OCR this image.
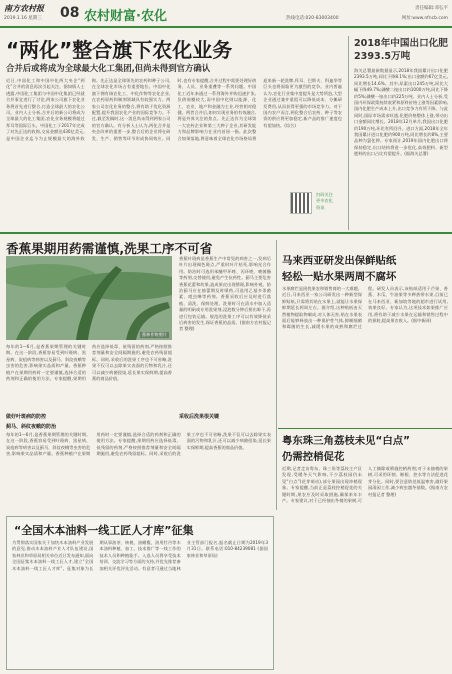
南方农村报
2019.1.16 星期三 08 农村财富·农化
责任编辑:邓弘平
热线电话:020-83003400	网址:www.nfncb.com
“两化”整合旗下农化业务
合并后或将成为全球最大化工集团,但尚未得到官方确认
近日,中国化工和中国中化两大央企“两化”合并的消息再次引起关注。据知情人士透露,中国化工集团与中国中化集团已经就合并事宜进行了讨论,两家公司旗下农化业务将首先进行整合,打造全球最大的农化公司。业内人士分析,合并后的新公司将成为全球最大的化工集团,农化业务规模将超过拜耳等国际巨头。中国化工于2017年完成了对先正达的收购,交易金额达430亿美元,是中国企业迄今为止规模最大的海外收购。先正达是全球领先的农药和种子公司,在全球农化市场占有重要地位。中国中化旗下拥有扬农化工、中化作物等农化企业,在农药原药和制剂领域具有较强实力。两家公司农化业务的整合,将有助于优化资源配置,提升我国农化产业的国际竞争力。不过,截至发稿时,这一消息尚未得到两家公司的官方确认。有分析人士认为,两化合并是央企改革的重要一步,整合后的企业将在研发、生产、销售等环节形成协同效应。同时,也有专家提醒,合并过程中需要处理好债务、人员、业务重叠等一系列问题。中国化工近年来通过一系列海外并购迅速扩张,负债规模较大,而中国中化则以能源、化工、农业、地产和金融为主业,经营相对稳健。两者合并后,如何实现业务的有效融合,将是外界关注的焦点。先正达作为全球第一大农药企业和第三大种子企业,其研发能力和品牌影响力在业内首屈一指。此次整合如果落地,将意味着全球农化市场格局将迎来新一轮洗牌,拜耳、巴斯夫、科迪华等巨头也将面临更为激烈的竞争。业内普遍认为,农化行业集中度提升是大势所趋,大型企业通过兼并重组可以降低成本、分摊研发费用,从而获得更强的市场竞争力。对于国内农户而言,两化整合后农药、种子等农资的供应将更加稳定,新产品的推广速度也有望加快。(综合)
扫码关注
更多农化
资讯
2018年中国出口化肥2393.5万吨
海关总署最新数据显示,2018年我国累计出口化肥2393.5万吨,同比下降8.1%;出口金额约67亿美元,同比增长14.6%。其中,尿素出口245万吨,同比大幅下降49.7%;磷酸二铵出口约1000万吨,同比下降约5%;磷酸一铵出口约225万吨。业内人士分析,受国内环保政策持续收紧和原料价格上涨等因素影响,国内化肥生产成本上升,出口竞争力有所下降。与此同时,国际市场需求旺盛,化肥价格整体上涨,带动出口金额同比增长。2018年12月单月,我国出口化肥约190万吨,环比有所回升。进口方面,2018年全年我国累计进口化肥约900万吨,同比增长约8%,主要品种为氯化钾。专家预计,2019年国内化肥出口将保持稳定,出口结构将进一步优化,高效肥料、新型肥料的出口占比有望提升。(据海关总署)
香蕉果期用药需谨慎,洗果工序不可省
蕉林作物照片
每年的1—6月,是香蕉果期管理的关键时期。在这一阶段,香蕉容易受到叶斑病、黑星病、炭疽病等病害以及蓟马、斜纹夜蛾等虫害的危害,影响果实品质和产量。香蕉种植户在果期用药时一定要谨慎,选择合适的药剂和正确的使用方法。专家提醒,果期用药应选择低毒、低残留的药剂,严格按照推荐剂量和安全间隔期施用,避免农药残留超标。同时,采收后的洗果工序也不可省略,洗果不仅可以去除果实表面的污物和乳汁,还可以减少病菌侵染,延长果实保鲜期,提高香蕉的商品价值。
做好叶斑病的防控
蓟马、斜纹夜蛾的防治
采收后洗果很关键
香蕉叶斑病是香蕉生产中常见的病害之一,发病后叶片出现褐色斑点,严重时叶片枯死,影响光合作用。防治时可选用苯醚甲环唑、丙环唑、嘧菌酯等药剂,交替使用,避免产生抗药性。蓟马主要危害香蕉花蕾和幼果,造成果皮出现锈斑,影响外观。防治蓟马应在抽蕾期及时喷药,可选用乙基多杀菌素、吡虫啉等药剂。香蕉采收后应及时进行落梳、清洗、保鲜处理。洗果时可在清水中加入适量的明矾或专用洗果剂,浸泡数分钟后捞出晾干,再进行包装运输。规范的洗果工序可以有效降低采后病害的发生,保证香蕉的品质。(据南方农村报记者 整理)
每年的1—6月,是香蕉果期管理的关键时期。在这一阶段,香蕉容易受到叶斑病、黑星病、炭疽病等病害以及蓟马、斜纹夜蛾等虫害的危害,影响果实品质和产量。香蕉种植户在果期用药时一定要谨慎,选择合适的药剂和正确的使用方法。专家提醒,果期用药应选择低毒、低残留的药剂,严格按照推荐剂量和安全间隔期施用,避免农药残留超标。同时,采收后的洗果工序也不可省略,洗果不仅可以去除果实表面的污物和乳汁,还可以减少病菌侵染,延长果实保鲜期,提高香蕉的商品价值。
马来西亚研发出保鲜贴纸
轻松一贴水果两周不腐坏
水果腐烂是困扰果农和销售商的一大难题。近日,马来西亚一家公司研发出一种新型保鲜贴纸,只需将其贴在水果上,就能让水果保鲜期延长两周左右。据介绍,这种贴纸由天然植物提取物制成,对人体无害,贴在水果表面后能够释放出一种保护性气体,抑制细菌和霉菌的生长,减缓水果的成熟和腐烂过程。研发人员表示,该贴纸适用于芒果、香蕉、木瓜、牛油果等多种热带水果,目前已在马来西亚、新加坡等地的超市进行试用,效果良好。专家认为,这项技术如果推广应用,将有助于减少水果在运输和销售过程中的损耗,提高果农收入。(据中新网)
粤东珠三角荔枝未见“白点”
仍需控梢促花
近期,记者走访粤东、珠三角等荔枝主产区发现,受暖冬天气影响,不少荔枝园仍未见“白点”(花芽萌动),部分果园出现冲梢现象。专家提醒,当前正是荔枝控梢促花的关键时期,果农应及时采取措施,确保来年丰产。专家建议,对于已经抽出冬梢的果树,可人工摘除或喷施控梢药剂;对于未抽梢的果树,可采用环割、断根、控水等方法促进花芽分化。同时,要注意防范低温寒害,做好果园清园工作,减少病虫越冬基数。(据南方农村报记者 整理)
“全国木本油料一线工匠人才库”征集
为贯彻落实国家关于加快木本油料产业发展的意见,推动木本油料产业人才队伍建设,国家林业和草原局相关单位近日发布通知,面向全国征集木本油料一线工匠人才,建立“全国木本油料一线工匠人才库”。征集对象为长期从事油茶、核桃、油橄榄、油用牡丹等木本油料种植、加工、技术推广等一线工作的技术人员和种植能手。入选人员将享受技术培训、交流学习等方面的支持,并优先推荐参加相关评优评先活动。有意者可通过当地林业主管部门报名,报名截止日期为2019年3月31日。联系电话:010-84239081 (据国家林业和草原局)
